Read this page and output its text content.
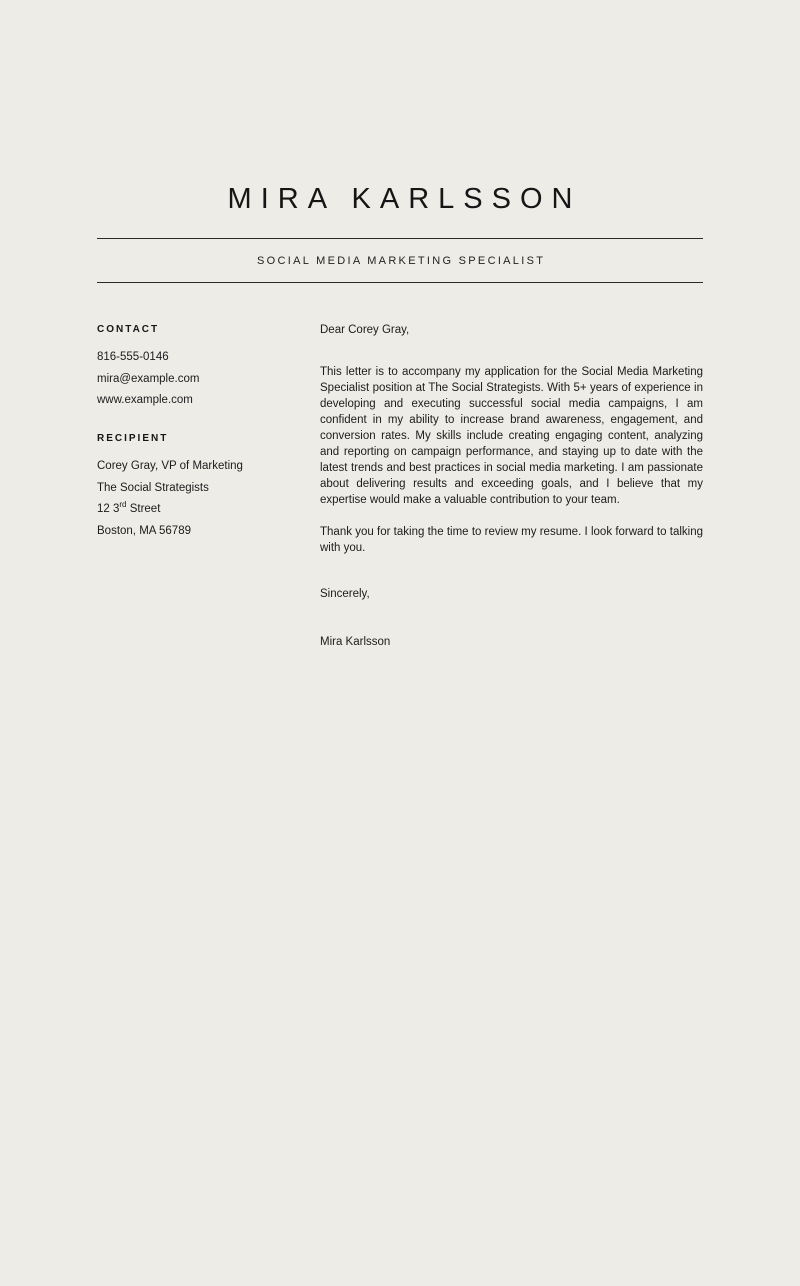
MIRA KARLSSON
SOCIAL MEDIA MARKETING SPECIALIST
CONTACT
816-555-0146
mira@example.com
www.example.com
RECIPIENT
Corey Gray, VP of Marketing
The Social Strategists
12 3rd Street
Boston, MA 56789
Dear Corey Gray,

This letter is to accompany my application for the Social Media Marketing Specialist position at The Social Strategists. With 5+ years of experience in developing and executing successful social media campaigns, I am confident in my ability to increase brand awareness, engagement, and conversion rates. My skills include creating engaging content, analyzing and reporting on campaign performance, and staying up to date with the latest trends and best practices in social media marketing. I am passionate about delivering results and exceeding goals, and I believe that my expertise would make a valuable contribution to your team.

Thank you for taking the time to review my resume. I look forward to talking with you.

Sincerely,
Mira Karlsson
